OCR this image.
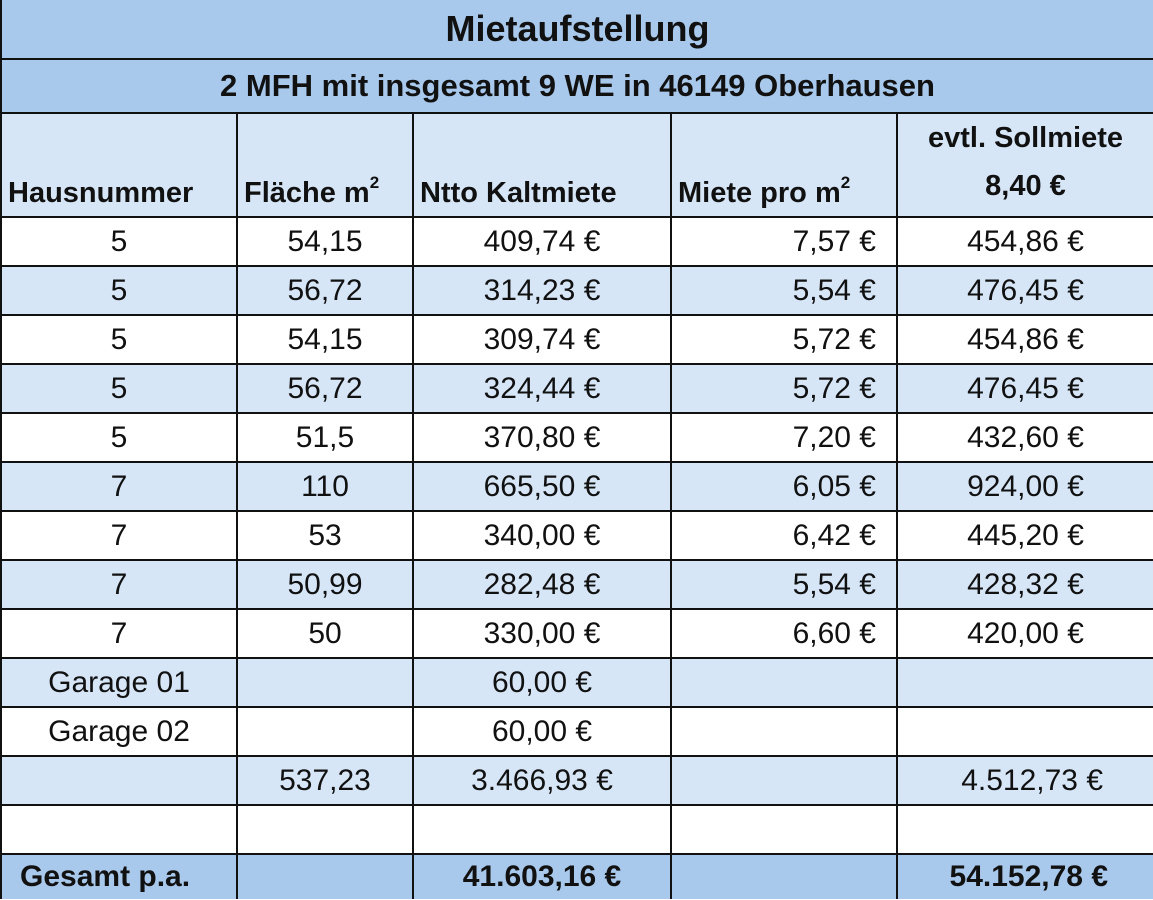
Mietaufstellung				
2 MFH mit insgesamt 9 WE in 46149 Oberhausen				
Hausnummer	Fläche $m^2$	Ntto Kaltmiete	Miete pro $m^2$	evtl. Sollmiete
8,40 €

5	54,15	409,74 €	7,57 €	454,86 €
5	56,72	314,23 €	5,54 €	476,45 €
5	54,15	309,74 €	5,72 €	454,86 €
5	56,72	324,44 €	5,72 €	476,45 €
5	51,5	370,80 €	7,20 €	432,60 €
7	110	665,50 €	6,05 €	924,00 €
7	53	340,00 €	6,42 €	445,20 €
7	50,99	282,48 €	5,54 €	428,32 €
7	50	330,00 €	6,60 €	420,00 €
Garage 01		60,00 €		
Garage 02		60,00 €		
	537,23	3.466,93 €		4.512,73 €

Gesamt p.a.		41.603,16 €		54.152,78 €
